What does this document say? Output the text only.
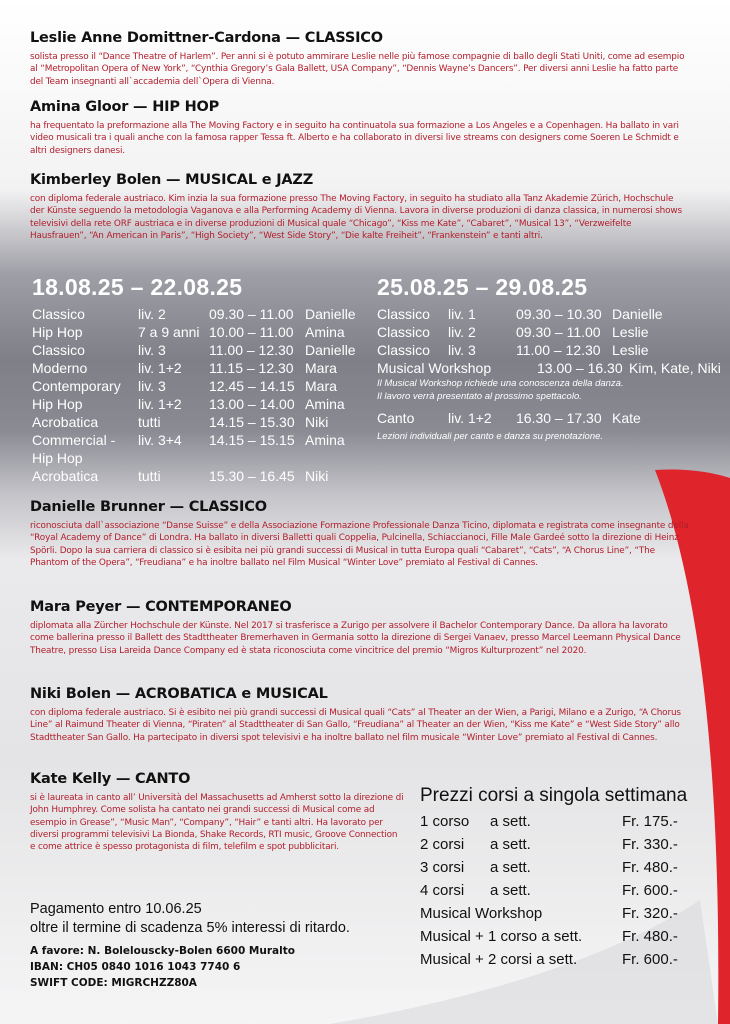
Leslie Anne Domittner-Cardona — CLASSICO

solista presso il “Dance Theatre of Harlem”. Per anni si è potuto ammirare Leslie nelle più famose compagnie di ballo degli Stati Uniti, come ad esempio al “Metropolitan Opera of New York”, “Cynthia Gregory’s Gala Ballett, USA Company”, “Dennis Wayne’s Dancers”. Per diversi anni Leslie ha fatto parte del Team insegnanti all`accademia dell`Opera di Vienna.

Amina Gloor — HIP HOP

ha frequentato la preformazione alla The Moving Factory e in seguito ha continuatola sua formazione a Los Angeles e a Copenhagen. Ha ballato in vari video musicali tra i quali anche con la famosa rapper Tessa ft. Alberto e ha collaborato in diversi live streams con designers come Soeren Le Schmidt e altri designers danesi.

Kimberley Bolen — MUSICAL e JAZZ

con diploma federale austriaco. Kim inzia la sua formazione presso The Moving Factory, in seguito ha studiato alla Tanz Akademie Zürich, Hochschule der Künste seguendo la metodologia Vaganova e alla Performing Academy di Vienna. Lavora in diverse produzioni di danza classica, in numerosi shows televisivi della rete ORF austriaca e in diverse produzioni di Musical quale “Chicago”, “Kiss me Kate”, “Cabaret”, “Musical 13”, “Verzweifelte Hausfrauen”, “An American in Paris”, “High Society”, “West Side Story”, “Die kalte Freiheit”, “Frankenstein” e tanti altri.

18.08.25 – 22.08.25
Classico	liv. 2	09.30 – 11.00 Danielle
Hip Hop	7 a 9 anni 10.00 – 11.00 Amina
Classico	liv. 3	11.00 – 12.30 Danielle
Moderno	liv. 1+2	11.15 – 12.30 Mara
Contemporary	liv. 3	12.45 – 14.15 Mara
Hip Hop	liv. 1+2	13.00 – 14.00 Amina
Acrobatica	tutti	14.15 – 15.30 Niki
Commercial -	liv. 3+4	14.15 – 15.15 Amina
Hip Hop
Acrobatica	tutti	15.30 – 16.45 Niki
25.08.25 – 29.08.25
Classico	liv. 1	09.30 – 10.30 Danielle
Classico	liv. 2	09.30 – 11.00 Leslie
Classico	liv. 3	11.00 – 12.30 Leslie
Musical Workshop	13.00 – 16.30 Kim, Kate, Niki
Il Musical Workshop richiede una conoscenza della danza.
Il lavoro verrà presentato al prossimo spettacolo.
Canto	liv. 1+2	16.30 – 17.30 Kate
Lezioni individuali per canto e danza su prenotazione.
Danielle Brunner — CLASSICO

riconosciuta dall`associazione “Danse Suisse” e della Associazione Formazione Professionale Danza Ticino, diplomata e registrata come insegnante della “Royal Academy of Dance” di Londra. Ha ballato in diversi Balletti quali Coppelia, Pulcinella, Schiaccianoci, Fille Male Gardeé sotto la direzione di Heinz Spörli. Dopo la sua carriera di classico si è esibita nei più grandi successi di Musical in tutta Europa quali “Cabaret”, “Cats”, “A Chorus Line”, “The Phantom of the Opera”, “Freudiana” e ha inoltre ballato nel Film Musical “Winter Love” premiato al Festival di Cannes.

Mara Peyer — CONTEMPORANEO

diplomata alla Zürcher Hochschule der Künste. Nel 2017 si trasferisce a Zurigo per assolvere il Bachelor Contemporary Dance. Da allora ha lavorato come ballerina presso il Ballett des Stadttheater Bremerhaven in Germania sotto la direzione di Sergei Vanaev, presso Marcel Leemann Physical Dance Theatre, presso Lisa Lareida Dance Company ed è stata riconosciuta come vincitrice del premio “Migros Kulturprozent” nel 2020.

Niki Bolen — ACROBATICA e MUSICAL

con diploma federale austriaco. Si è esibito nei più grandi successi di Musical quali “Cats” al Theater an der Wien, a Parigi, Milano e a Zurigo, “A Chorus Line” al Raimund Theater di Vienna, “Piraten” al Stadttheater di San Gallo, “Freudiana” al Theater an der Wien, “Kiss me Kate” e “West Side Story” allo Stadttheater San Gallo. Ha partecipato in diversi spot televisivi e ha inoltre ballato nel film musicale “Winter Love” premiato al Festival di Cannes.

Kate Kelly — CANTO

si è laureata in canto all’ Università del Massachusetts ad Amherst sotto la direzione di John Humphrey. Come solista ha cantato nei grandi successi di Musical come ad esempio in Grease”, “Music Man”, “Company”, “Hair” e tanti altri. Ha lavorato per diversi programmi televisivi La Bionda, Shake Records, RTI music, Groove Connection e come attrice è spesso protagonista di film, telefilm e spot pubblicitari.

Prezzi corsi a singola settimana
1 corso	a sett.	Fr. 175.-
2 corsi	a sett.	Fr. 330.-
3 corsi	a sett.	Fr. 480.-
4 corsi	a sett.	Fr. 600.-
Musical Workshop	Fr. 320.-
Musical + 1 corso a sett.	Fr. 480.-
Musical + 2 corsi a sett.	Fr. 600.-
Pagamento entro 10.06.25
oltre il termine di scadenza 5% interessi di ritardo.
A favore: N. Bolelouscky-Bolen 6600 Muralto
IBAN: CH05 0840 1016 1043 7740 6
SWIFT CODE: MIGRCHZZ80A
